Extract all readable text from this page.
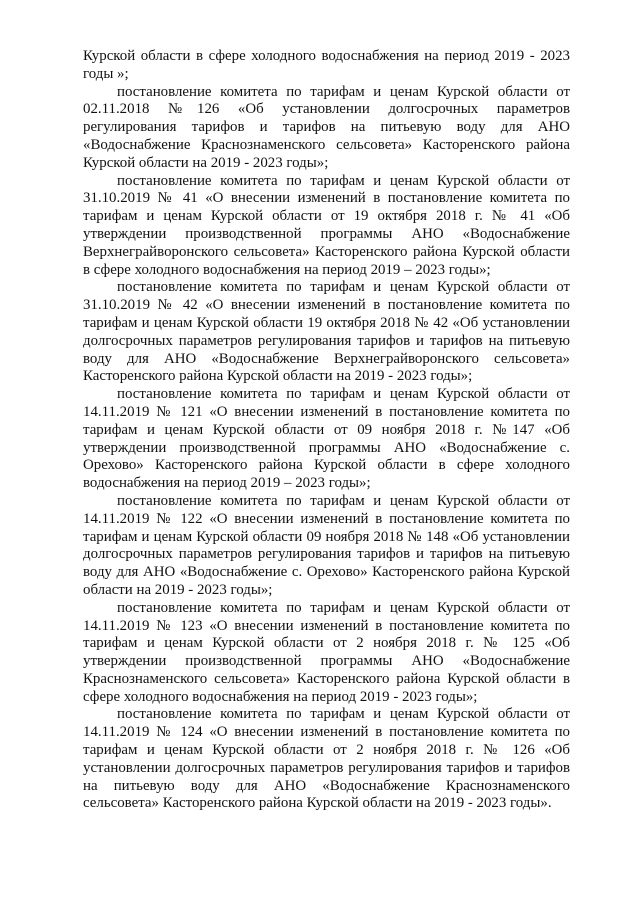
Курской области в сфере холодного водоснабжения на период 2019 - 2023 годы »;

постановление комитета по тарифам и ценам Курской области от 02.11.2018 №126 «Об установлении долгосрочных параметров регулирования тарифов и тарифов на питьевую воду для АНО «Водоснабжение Краснознаменского сельсовета» Касторенского района Курской области на 2019 - 2023 годы»;

постановление комитета по тарифам и ценам Курской области от 31.10.2019 № 41 «О внесении изменений в постановление комитета по тарифам и ценам Курской области от 19 октября 2018 г. № 41 «Об утверждении производственной программы АНО «Водоснабжение Верхнеграйворонского сельсовета» Касторенского района Курской области в сфере холодного водоснабжения на период 2019 – 2023 годы»;

постановление комитета по тарифам и ценам Курской области от 31.10.2019 № 42 «О внесении изменений в постановление комитета по тарифам и ценам Курской области 19 октября 2018 № 42 «Об установлении долгосрочных параметров регулирования тарифов и тарифов на питьевую воду для АНО «Водоснабжение Верхнеграйворонского сельсовета» Касторенского района Курской области на 2019 - 2023 годы»;

постановление комитета по тарифам и ценам Курской области от 14.11.2019 № 121 «О внесении изменений в постановление комитета по тарифам и ценам Курской области от 09 ноября 2018 г. №147 «Об утверждении производственной программы АНО «Водоснабжение с. Орехово» Касторенского района Курской области в сфере холодного водоснабжения на период 2019 – 2023 годы»;

постановление комитета по тарифам и ценам Курской области от 14.11.2019 № 122 «О внесении изменений в постановление комитета по тарифам и ценам Курской области 09 ноября 2018 № 148 «Об установлении долгосрочных параметров регулирования тарифов и тарифов на питьевую воду для АНО «Водоснабжение с. Орехово» Касторенского района Курской области на 2019 - 2023 годы»;

постановление комитета по тарифам и ценам Курской области от 14.11.2019 № 123 «О внесении изменений в постановление комитета по тарифам и ценам Курской области от 2 ноября 2018 г. № 125 «Об утверждении производственной программы АНО «Водоснабжение Краснознаменского сельсовета» Касторенского района Курской области в сфере холодного водоснабжения на период 2019 - 2023 годы»;

постановление комитета по тарифам и ценам Курской области от 14.11.2019 № 124 «О внесении изменений в постановление комитета по тарифам и ценам Курской области от 2 ноября 2018 г. № 126 «Об установлении долгосрочных параметров регулирования тарифов и тарифов на питьевую воду для АНО «Водоснабжение Краснознаменского сельсовета» Касторенского района Курской области на 2019 - 2023 годы».
